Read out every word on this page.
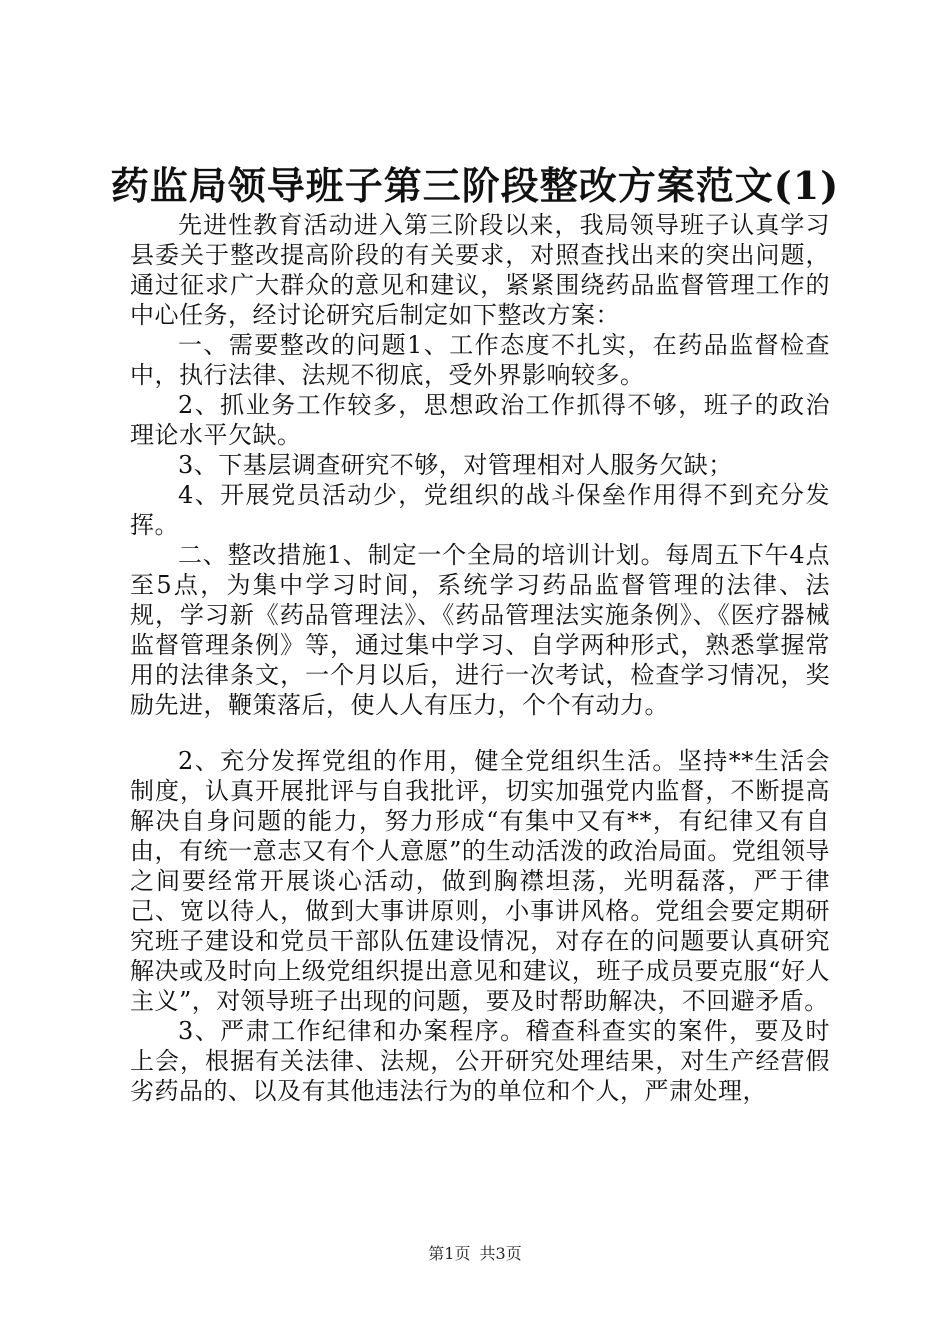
药监局领导班子第三阶段整改方案范文(1)

先进性教育活动进入第三阶段以来，我局领导班子认真学习县委关于整改提高阶段的有关要求，对照查找出来的突出问题，通过征求广大群众的意见和建议，紧紧围绕药品监督管理工作的中心任务，经讨论研究后制定如下整改方案：

一、需要整改的问题1、工作态度不扎实，在药品监督检查中，执行法律、法规不彻底，受外界影响较多。

2、抓业务工作较多，思想政治工作抓得不够，班子的政治理论水平欠缺。

3、下基层调查研究不够，对管理相对人服务欠缺；

4、开展党员活动少，党组织的战斗保垒作用得不到充分发挥。

二、整改措施1、制定一个全局的培训计划。每周五下午4点至5点，为集中学习时间，系统学习药品监督管理的法律、法规，学习新《药品管理法》、《药品管理法实施条例》、《医疗器械监督管理条例》等，通过集中学习、自学两种形式，熟悉掌握常用的法律条文，一个月以后，进行一次考试，检查学习情况，奖励先进，鞭策落后，使人人有压力，个个有动力。

2、充分发挥党组的作用，健全党组织生活。坚持**生活会制度，认真开展批评与自我批评，切实加强党内监督，不断提高解决自身问题的能力，努力形成“有集中又有**，有纪律又有自由，有统一意志又有个人意愿”的生动活泼的政治局面。党组领导之间要经常开展谈心活动，做到胸襟坦荡，光明磊落，严于律己、宽以待人，做到大事讲原则，小事讲风格。党组会要定期研究班子建设和党员干部队伍建设情况，对存在的问题要认真研究解决或及时向上级党组织提出意见和建议，班子成员要克服“好人主义”，对领导班子出现的问题，要及时帮助解决，不回避矛盾。

3、严肃工作纪律和办案程序。稽查科查实的案件，要及时上会，根据有关法律、法规，公开研究处理结果，对生产经营假劣药品的、以及有其他违法行为的单位和个人，严肃处理，

第1页 共3页
